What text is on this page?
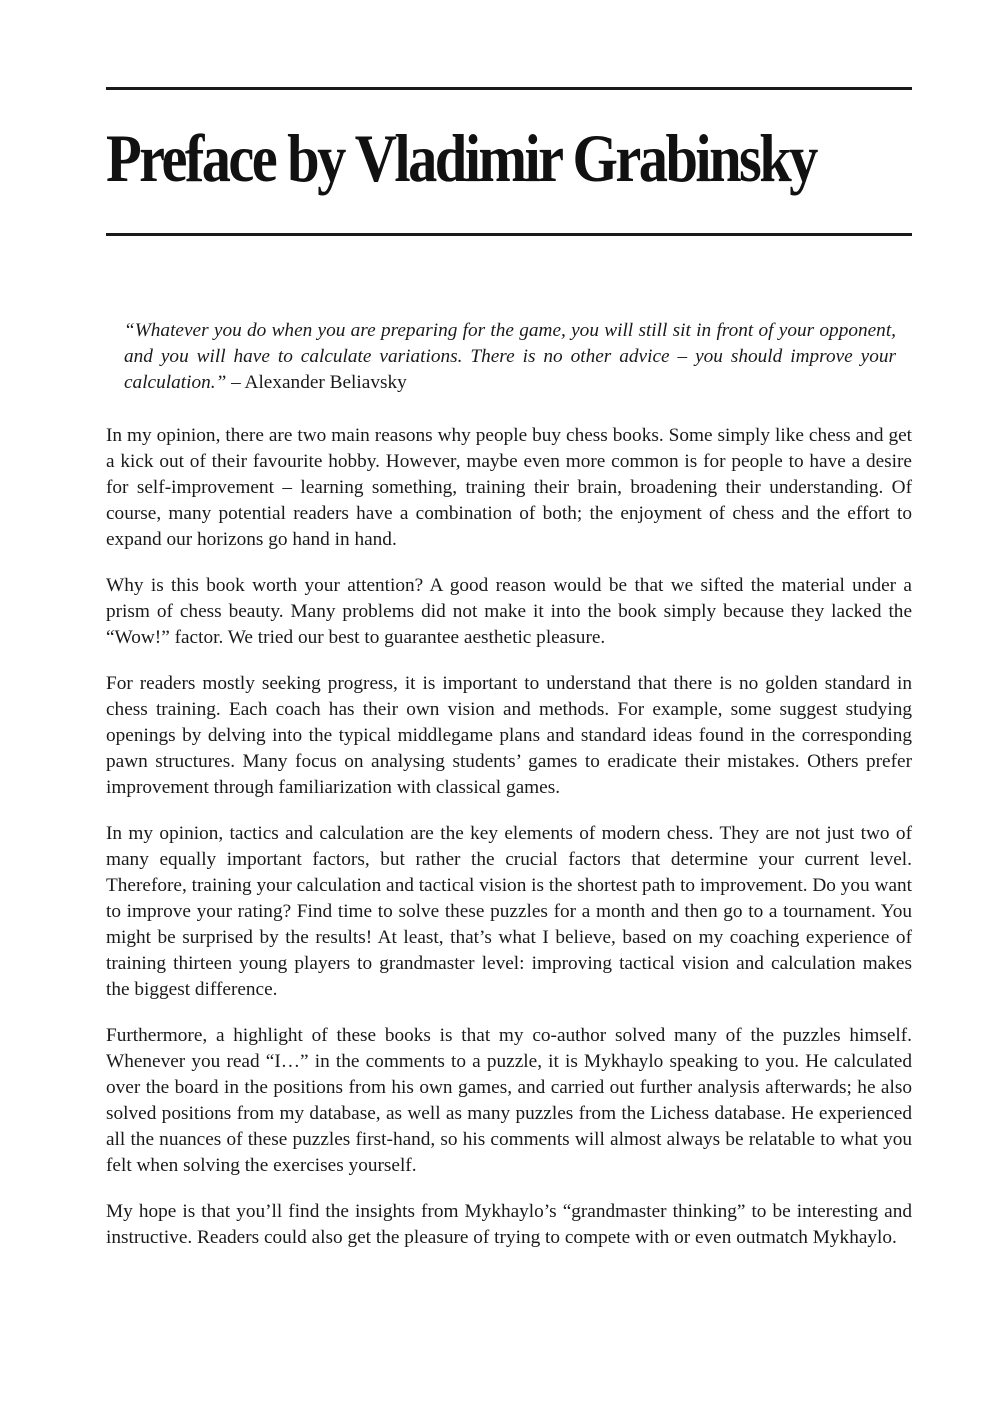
Preface by Vladimir Grabinsky

“Whatever you do when you are preparing for the game, you will still sit in front of your opponent, and you will have to calculate variations. There is no other advice – you should improve your calculation.” – Alexander Beliavsky

In my opinion, there are two main reasons why people buy chess books. Some simply like chess and get a kick out of their favourite hobby. However, maybe even more common is for people to have a desire for self-improvement – learning something, training their brain, broadening their understanding. Of course, many potential readers have a combination of both; the enjoyment of chess and the effort to expand our horizons go hand in hand.

Why is this book worth your attention? A good reason would be that we sifted the material under a prism of chess beauty. Many problems did not make it into the book simply because they lacked the “Wow!” factor. We tried our best to guarantee aesthetic pleasure.

For readers mostly seeking progress, it is important to understand that there is no golden standard in chess training. Each coach has their own vision and methods. For example, some suggest studying openings by delving into the typical middlegame plans and standard ideas found in the corresponding pawn structures. Many focus on analysing students’ games to eradicate their mistakes. Others prefer improvement through familiarization with classical games.

In my opinion, tactics and calculation are the key elements of modern chess. They are not just two of many equally important factors, but rather the crucial factors that determine your current level. Therefore, training your calculation and tactical vision is the shortest path to improvement. Do you want to improve your rating? Find time to solve these puzzles for a month and then go to a tournament. You might be surprised by the results! At least, that’s what I believe, based on my coaching experience of training thirteen young players to grandmaster level: improving tactical vision and calculation makes the biggest difference.

Furthermore, a highlight of these books is that my co-author solved many of the puzzles himself. Whenever you read “I…” in the comments to a puzzle, it is Mykhaylo speaking to you. He calculated over the board in the positions from his own games, and carried out further analysis afterwards; he also solved positions from my database, as well as many puzzles from the Lichess database. He experienced all the nuances of these puzzles first-hand, so his comments will almost always be relatable to what you felt when solving the exercises yourself.

My hope is that you’ll find the insights from Mykhaylo’s “grandmaster thinking” to be interesting and instructive. Readers could also get the pleasure of trying to compete with or even outmatch Mykhaylo.
